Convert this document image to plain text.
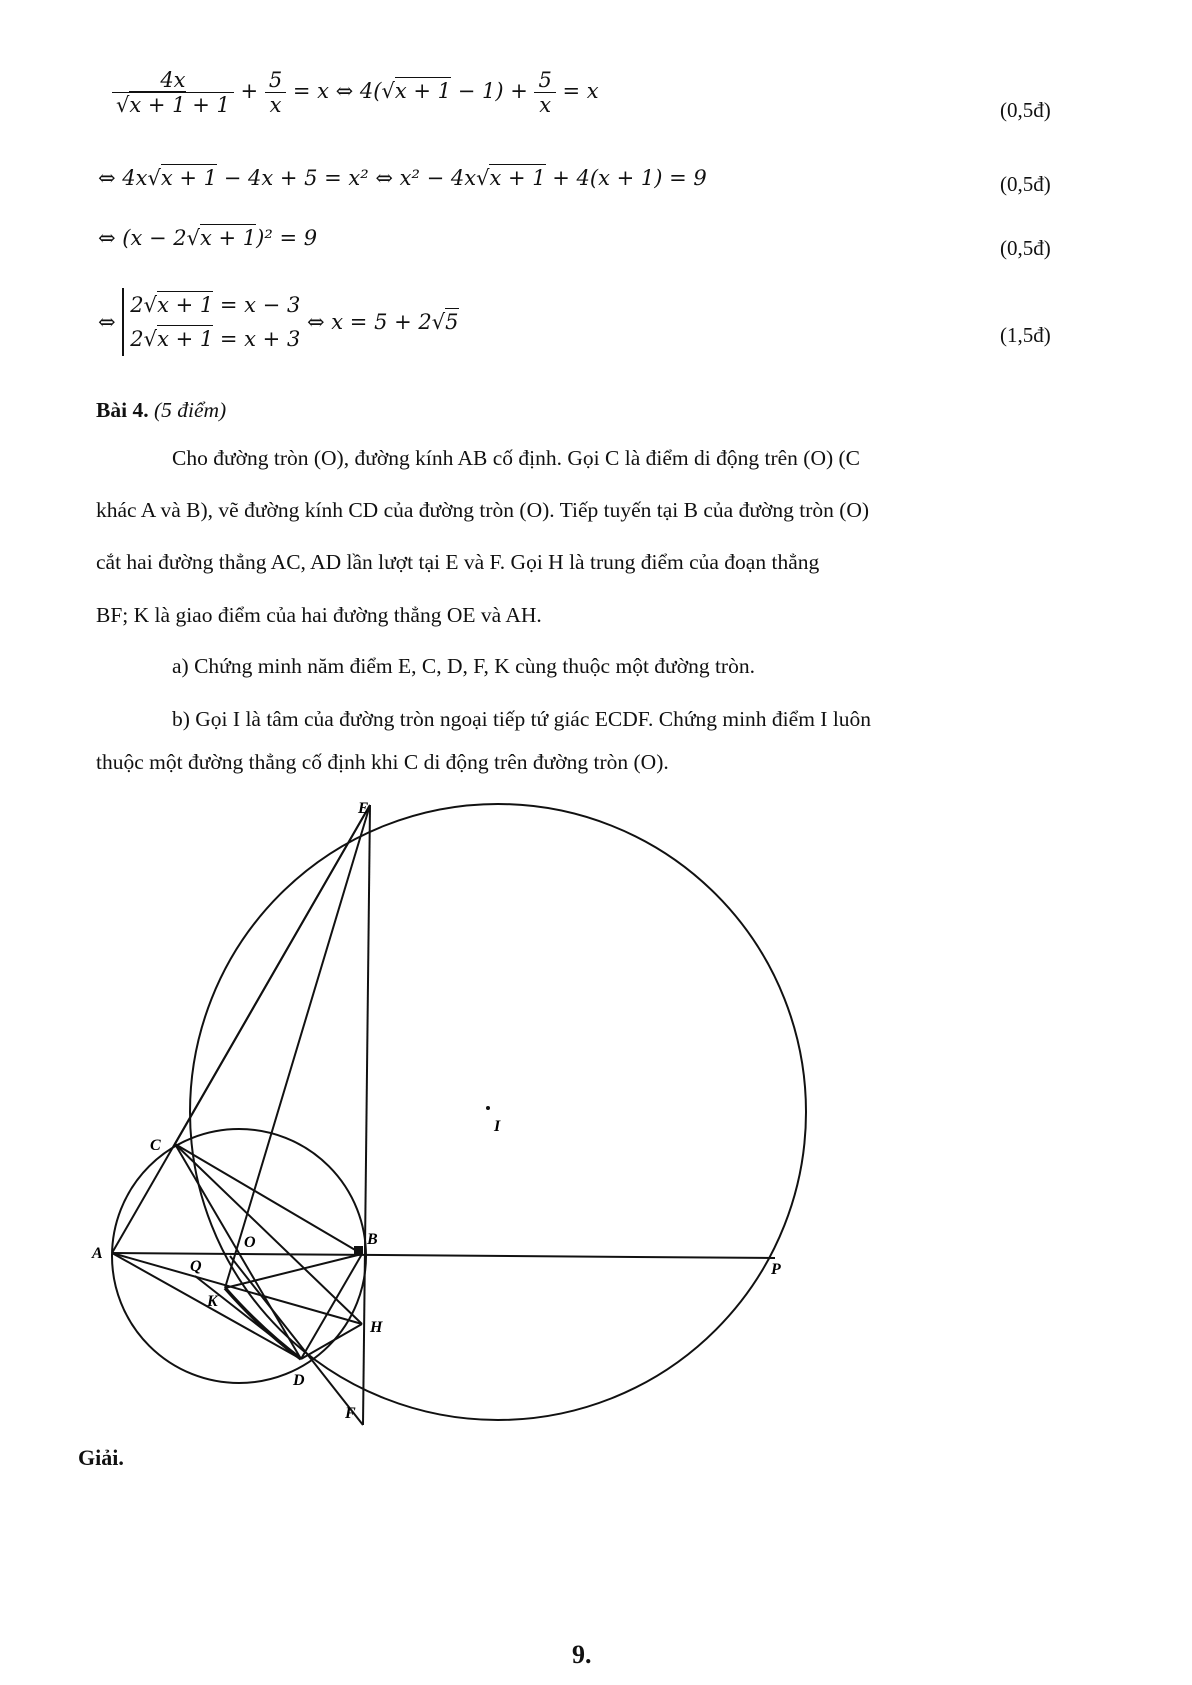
$\frac{4x}{√x + 1 + 1} + \frac{5}{x} = x$ ⇔ $4(√x + 1 - 1) + \frac{5}{x} = x$
(0,5đ)
⇔ 4x√x + 1 − 4x + 5 = x² ⇔ x² − 4x√x + 1 + 4(x + 1) = 9	(0,5đ)
⇔ (x − 2√x + 1)² = 9	(0,5đ)
⇔
2√x + 1 = x − 3
2√x + 1 = x + 3
⇔ x = 5 + 2√5
(1,5đ)
Bài 4. (5 điểm)
Cho đường tròn (O), đường kính AB cố định. Gọi C là điểm di động trên (O) (C
khác A và B), vẽ đường kính CD của đường tròn (O). Tiếp tuyến tại B của đường tròn (O)
cắt hai đường thẳng AC, AD lần lượt tại E và F. Gọi H là trung điểm của đoạn thẳng
BF; K là giao điểm của hai đường thẳng OE và AH.
a) Chứng minh năm điểm E, C, D, F, K cùng thuộc một đường tròn.
b) Gọi I là tâm của đường tròn ngoại tiếp tứ giác ECDF. Chứng minh điểm I luôn
thuộc một đường thẳng cố định khi C di động trên đường tròn (O).
E
C
I
A
O	B
Q
K
H
D
F
P
Giải.
9.
